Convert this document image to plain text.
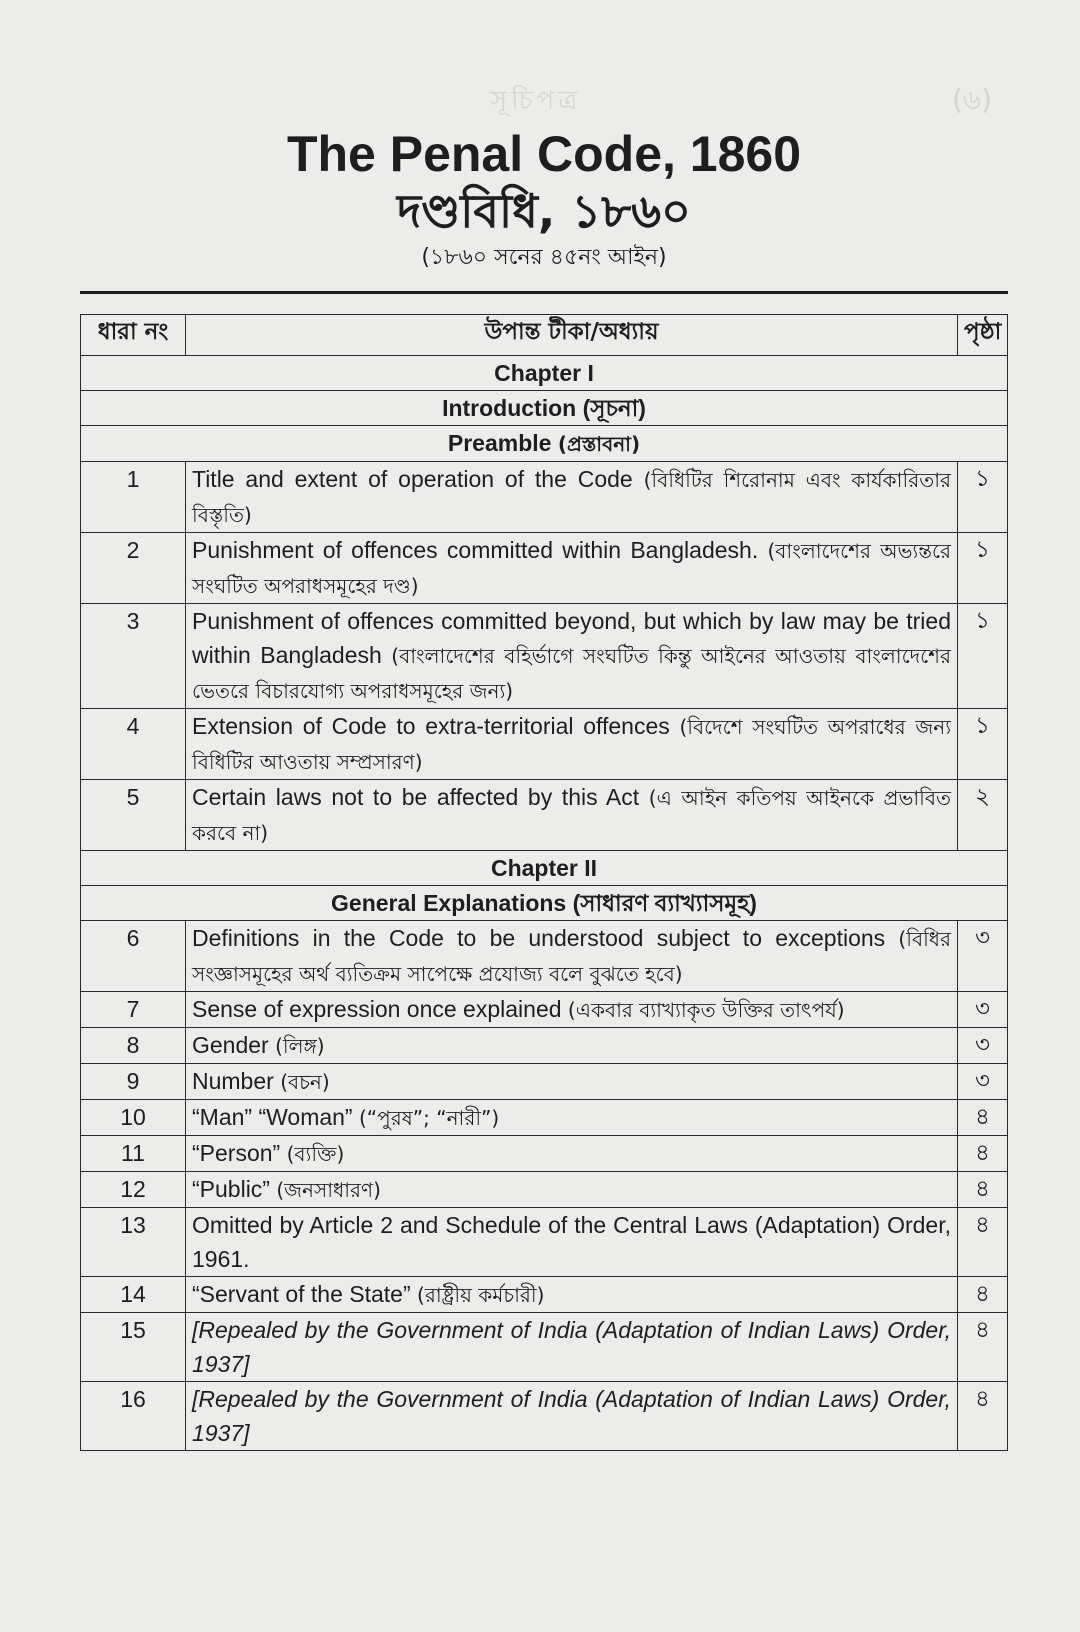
সূচিপত্র	(৬)
The Penal Code, 1860
দণ্ডবিধি, ১৮৬০
(১৮৬০ সনের ৪৫নং আইন)
ধারা নং	উপান্ত টীকা/অধ্যায়	পৃষ্ঠা
Chapter I		
Introduction (সূচনা)		
Preamble (প্রস্তাবনা)		
1	Title and extent of operation of the Code (বিধিটির শিরোনাম এবং কার্যকারিতার বিস্তৃতি)	১
2	Punishment of offences committed within Bangladesh. (বাংলাদেশের অভ্যন্তরে সংঘটিত অপরাধসমূহের দণ্ড)	১
3	Punishment of offences committed beyond, but which by law may be tried within Bangladesh (বাংলাদেশের বহির্ভাগে সংঘটিত কিন্তু আইনের আওতায় বাংলাদেশের ভেতরে বিচারযোগ্য অপরাধসমূহের জন্য)	১
4	Extension of Code to extra-territorial offences (বিদেশে সংঘটিত অপরাধের জন্য বিধিটির আওতায় সম্প্রসারণ)	১
5	Certain laws not to be affected by this Act (এ আইন কতিপয় আইনকে প্রভাবিত করবে না)	২
Chapter II		
General Explanations (সাধারণ ব্যাখ্যাসমূহ)		
6	Definitions in the Code to be understood subject to exceptions (বিধির সংজ্ঞাসমূহের অর্থ ব্যতিক্রম সাপেক্ষে প্রযোজ্য বলে বুঝতে হবে)	৩
7	Sense of expression once explained (একবার ব্যাখ্যাকৃত উক্তির তাৎপর্য)	৩
8	Gender (লিঙ্গ)	৩
9	Number (বচন)	৩
10	“Man” “Woman” (“পুরষ”; “নারী”)	৪
11	“Person” (ব্যক্তি)	৪
12	“Public” (জনসাধারণ)	৪
13	Omitted by Article 2 and Schedule of the Central Laws (Adaptation) Order, 1961.	৪
14	“Servant of the State” (রাষ্ট্রীয় কর্মচারী)	৪
15	[Repealed by the Government of India (Adaptation of Indian Laws) Order, 1937]	৪
16	[Repealed by the Government of India (Adaptation of Indian Laws) Order, 1937]	৪
